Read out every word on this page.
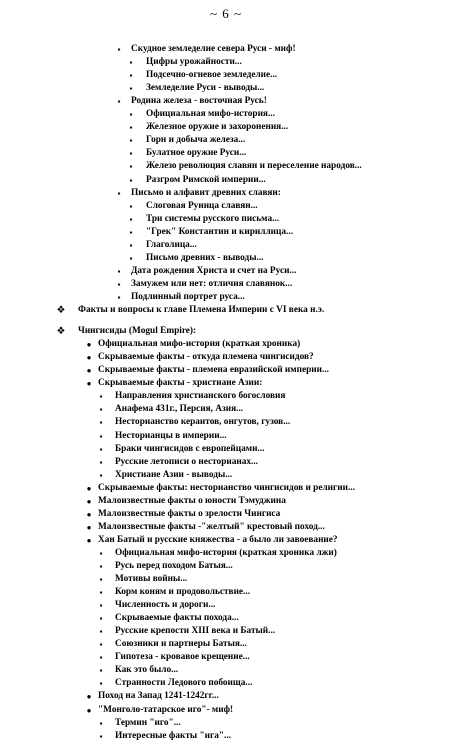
~ 6 ~
▪	Скудное земледелие севера Руси - миф!
▪	Цифры урожайности...
▪	Подсечно-огневое земледелие...
▪	Земледелие Руси - выводы...
▪	Родина железа - восточная Русь!
▪	Официальная мифо-история...
▪	Железное оружие и захоронения...
▪	Горн и добыча железа...
▪	Булатное оружие Руси...
▪	Железо революция славян и переселение народов...
▪	Разгром Римской империи...
▪	Письмо и алфавит древних славян:
▪	Слоговая Руница славян...
▪	Три системы русского письма...
▪	"Грек" Константин и кириллица...
▪	Глаголица...
▪	Письмо древних - выводы...
▪	Дата рождения Христа и счет на Руси...
▪	Замужем или нет: отличия славянок...
▪	Подлинный портрет руса...
❖ Факты и вопросы к главе Племена Империи с VI века н.э.
❖ Чингисиды (Mogul Empire):
● Официальная мифо-история (краткая хроника)
● Скрываемые факты - откуда племена чингисидов?
● Скрываемые факты - племена евразийской империи...
● Скрываемые факты - христиане Азии:
▪	Направления христианского богословия
▪	Анафема 431г., Персия, Азия...
▪	Несторианство кераитов, онгутов, гузов...
▪	Несторианцы в империи...
▪	Браки чингисидов с европейцами...
▪	Русские летописи о несторианах...
▪	Христиане Азии - выводы...
● Скрываемые факты: несторианство чингисидов и религии...
● Малоизвестные факты о юности Тэмуджина
● Малоизвестные факты о зрелости Чингиса
● Малоизвестные факты -"желтый" крестовый поход...
● Хан Батый и русские княжества - а было ли завоевание?
▪	Официальная мифо-история (краткая хроника лжи)
▪	Русь перед походом Батыя...
▪	Мотивы войны...
▪	Корм коням и продовольствие...
▪	Численность и дороги...
▪	Скрываемые факты похода...
▪	Русские крепости XIII века и Батый...
▪	Союзники и партнеры Батыя...
▪	Гипотеза - кровавое крещение...
▪	Как это было...
▪	Странности Ледового побоища...
● Поход на Запад 1241-1242гг...
● "Монголо-татарское иго"- миф!
▪	Термин "иго"...
▪	Интересные факты "ига"...
